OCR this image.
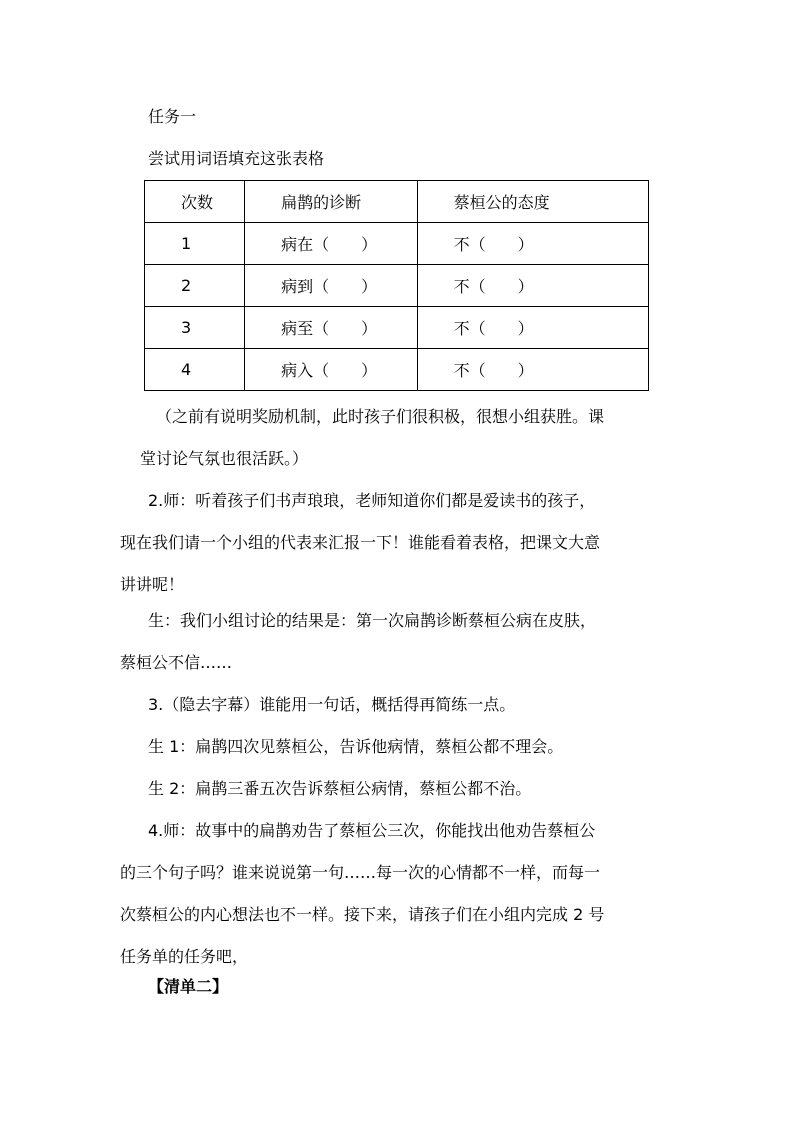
任务一
尝试用词语填充这张表格
次数	扁鹊的诊断	蔡桓公的态度
1	病在（　　）	不（　　）
2	病到（　　）	不（　　）
3	病至（　　）	不（　　）
4	病入（　　）	不（　　）
（之前有说明奖励机制，此时孩子们很积极，很想小组获胜。课
堂讨论气氛也很活跃。）
2.师：听着孩子们书声琅琅，老师知道你们都是爱读书的孩子，
现在我们请一个小组的代表来汇报一下！谁能看着表格，把课文大意
讲讲呢！
生：我们小组讨论的结果是：第一次扁鹊诊断蔡桓公病在皮肤，
蔡桓公不信……
3.（隐去字幕）谁能用一句话，概括得再简练一点。
生 1：扁鹊四次见蔡桓公，告诉他病情，蔡桓公都不理会。
生 2：扁鹊三番五次告诉蔡桓公病情，蔡桓公都不治。
4.师：故事中的扁鹊劝告了蔡桓公三次，你能找出他劝告蔡桓公
的三个句子吗？谁来说说第一句……每一次的心情都不一样，而每一
次蔡桓公的内心想法也不一样。接下来，请孩子们在小组内完成 2 号
任务单的任务吧，
【清单二】
